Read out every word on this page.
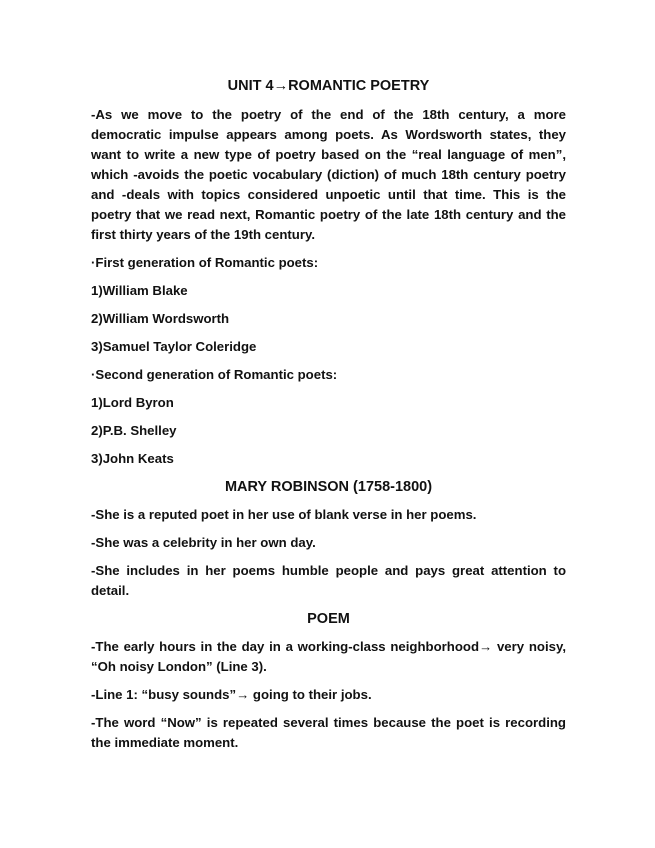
UNIT 4→ROMANTIC POETRY
-As we move to the poetry of the end of the 18th century, a more democratic impulse appears among poets. As Wordsworth states, they want to write a new type of poetry based on the “real language of men”, which -avoids the poetic vocabulary (diction) of much 18th century poetry and -deals with topics considered unpoetic until that time. This is the poetry that we read next, Romantic poetry of the late 18th century and the first thirty years of the 19th century.
·First generation of Romantic poets:
1)William Blake
2)William Wordsworth
3)Samuel Taylor Coleridge
·Second generation of Romantic poets:
1)Lord Byron
2)P.B. Shelley
3)John Keats
MARY ROBINSON (1758-1800)
-She is a reputed poet in her use of blank verse in her poems.
-She was a celebrity in her own day.
-She includes in her poems humble people and pays great attention to detail.
POEM
-The early hours in the day in a working-class neighborhood→ very noisy, “Oh noisy London” (Line 3).
-Line 1: “busy sounds”→ going to their jobs.
-The word “Now” is repeated several times because the poet is recording the immediate moment.
